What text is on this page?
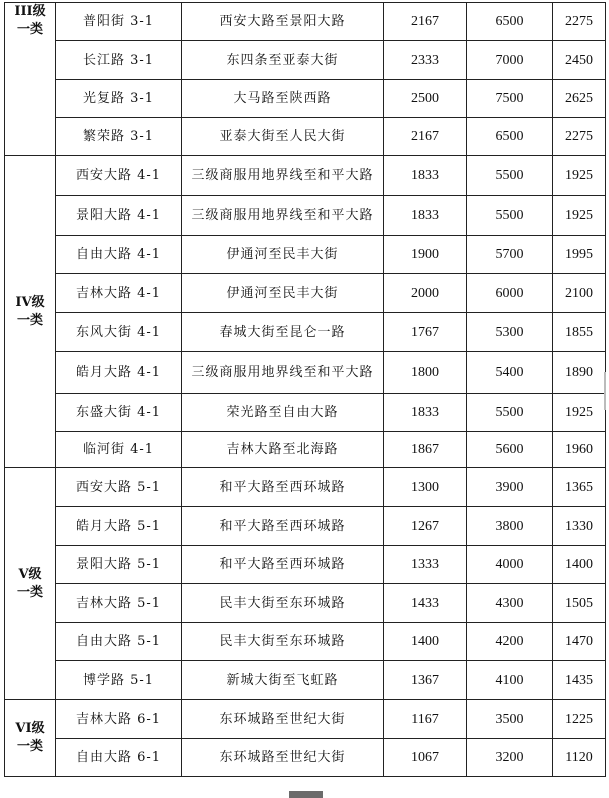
III级
一类	普阳街 3-1	西安大路至景阳大路	2167	6500	2275
	长江路 3-1	东四条至亚泰大街	2333	7000	2450
	光复路 3-1	大马路至陕西路	2500	7500	2625
	繁荣路 3-1	亚泰大街至人民大街	2167	6500	2275
IV级
一类	西安大路 4-1	三级商服用地界线至和平大路	1833	5500	1925
	景阳大路 4-1	三级商服用地界线至和平大路	1833	5500	1925
	自由大路 4-1	伊通河至民丰大街	1900	5700	1995
	吉林大路 4-1	伊通河至民丰大街	2000	6000	2100
	东风大街 4-1	春城大街至昆仑一路	1767	5300	1855
	皓月大路 4-1	三级商服用地界线至和平大路	1800	5400	1890
	东盛大街 4-1	荣光路至自由大路	1833	5500	1925
	临河街 4-1	吉林大路至北海路	1867	5600	1960
V级
一类	西安大路 5-1	和平大路至西环城路	1300	3900	1365
	皓月大路 5-1	和平大路至西环城路	1267	3800	1330
	景阳大路 5-1	和平大路至西环城路	1333	4000	1400
	吉林大路 5-1	民丰大街至东环城路	1433	4300	1505
	自由大路 5-1	民丰大街至东环城路	1400	4200	1470
	博学路 5-1	新城大街至飞虹路	1367	4100	1435
VI级
一类	吉林大路 6-1	东环城路至世纪大街	1167	3500	1225
	自由大路 6-1	东环城路至世纪大街	1067	3200	1120
